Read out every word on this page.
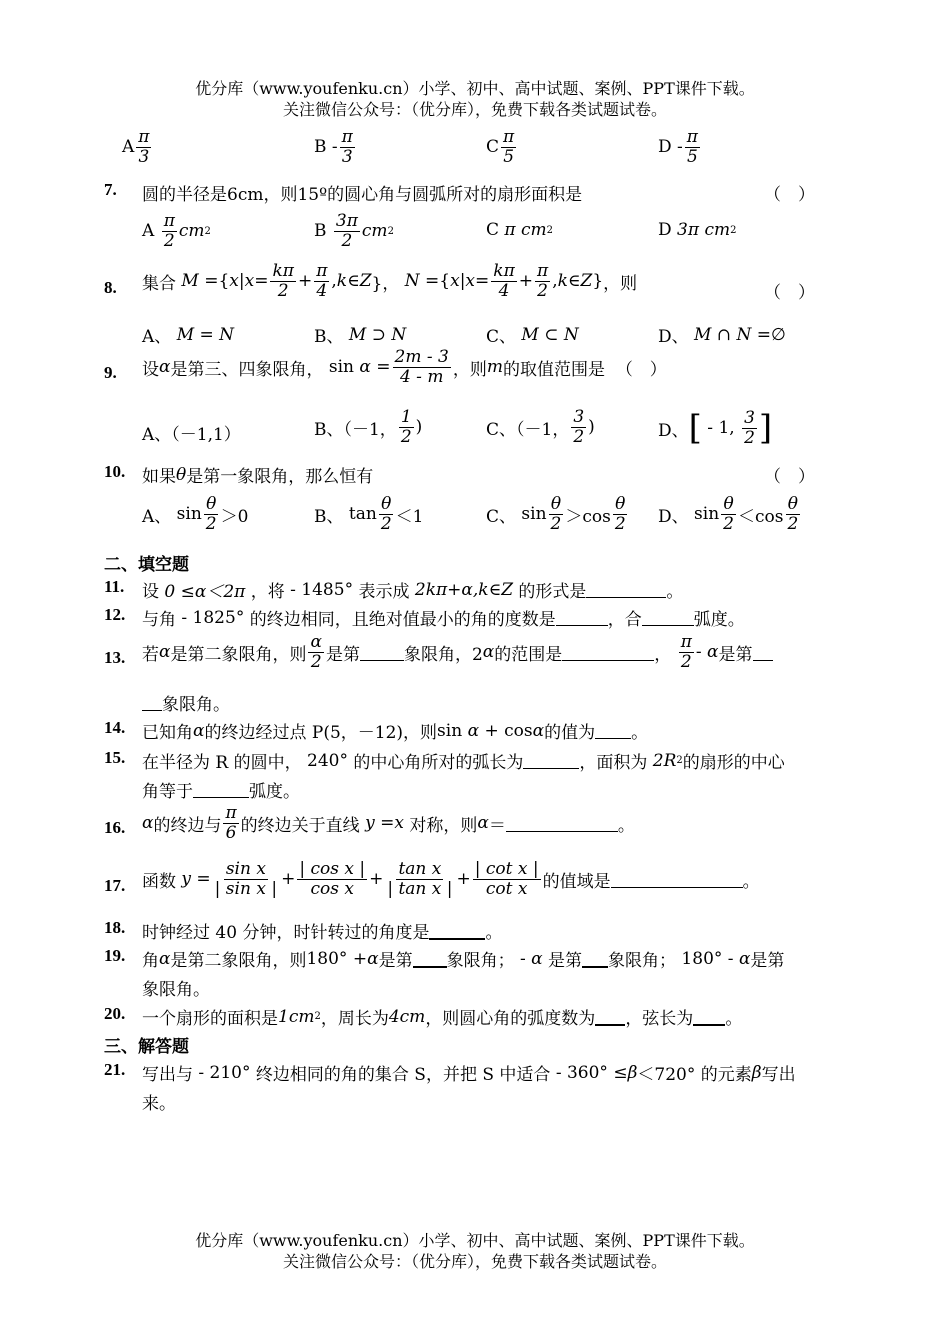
优分库（www.youfenku.cn）小学、初中、高中试题、案例、PPT课件下载。
关注微信公众号：（优分库），免费下载各类试题试卷。
A $\frac{\pi}{3}$	B - $\frac{\pi}{3}$	C $\frac{\pi}{5}$	D - $\frac{\pi}{5}$
7. 圆的半径是6cm，则15º的圆心角与圆弧所对的扇形面积是	（　）
A
$\frac{\pi}{2}$ cm 2	B
$\frac{3\pi}{2}$ cm 2	C
π cm 2	D
3π cm 2
8. 集合
M ={ x | $x = \frac{k\pi}{2} + \frac{\pi}{4}$ , k ∈ Z }， N ={ x | $x = \frac{k\pi}{4} + \frac{\pi}{2}$ , k ∈ Z } ，则	（　）
A、
M = N	B、
M ⊃ N	C、
M ⊂ N	D、
M ∩ N =∅
9. 设 α 是第三、四象限角， $\sin \alpha = \frac{2m - 3}{4 - m}$ ，则 m 的取值范围是
（　）
A、（－1,1）	B、（－1， $\frac{1}{2}$ )	C、（－1， $\frac{3}{2}$ )	D、 [ - 1, $\frac{3}{2}$ ]
10. 如果 θ 是第一象限角，那么恒有	（　）
A、 $\sin \frac{\theta}{2} >0$	B、 $\tan \frac{\theta}{2} <1$	C、 $\sin \frac{\theta}{2} >\cos \frac{\theta}{2}$ D、 $\sin \frac{\theta}{2} <\cos \frac{\theta}{2}$
二、填空题
11. 设
0 ≤α＜2π
，将 - 1485° 表示成
2kπ+α,k∈Z
的形式是	。
12. 与角 - 1825° 的终边相同，且绝对值最小的角的度数是	，合	弧度。
13. 若 α 是第二象限角，则 $\frac{\alpha}{2}$ 是第	象限角，2 α 的范围是	，
$\frac{\pi}{2}$ - α 是第
象限角。
14. 已知角 α 的终边经过点 P(5，－12)，则 sin α + cos α 的值为 。
15. 在半径为 R 的圆中， 240° 的中心角所对的弧长为	，面积为
2R 2 的扇形的中心
角等于	弧度。
16. α 的终边与 $\frac{\pi}{6}$ 的终边关于直线
y = x
对称，则 α ＝	。
17. 函数
$y = \frac{\text{sin x}}{\text{| sin x |}} + \frac{\text{| cos x |}}{\text{cos x}} + \frac{\text{tan x}}{\text{| tan x |}} + \frac{\text{| cot x |}}{\text{cot x}}$ 的值域是	。
18. 时钟经过 40 分钟，时针转过的角度是	。
19. 角 α 是第二象限角，则 180° + α 是第 象限角； - α
是第 象限角； 180° - α 是第
象限角。
20. 一个扇形的面积是 1cm 2 ，周长为 4cm ，则圆心角的弧度数为 ，弦长为 。
三、解答题
21. 写出与 - 210° 终边相同的角的集合 S，并把 S 中适合 - 360° ≤ β ＜720° 的元素 β 写出
来。
优分库（www.youfenku.cn）小学、初中、高中试题、案例、PPT课件下载。
关注微信公众号：（优分库），免费下载各类试题试卷。
